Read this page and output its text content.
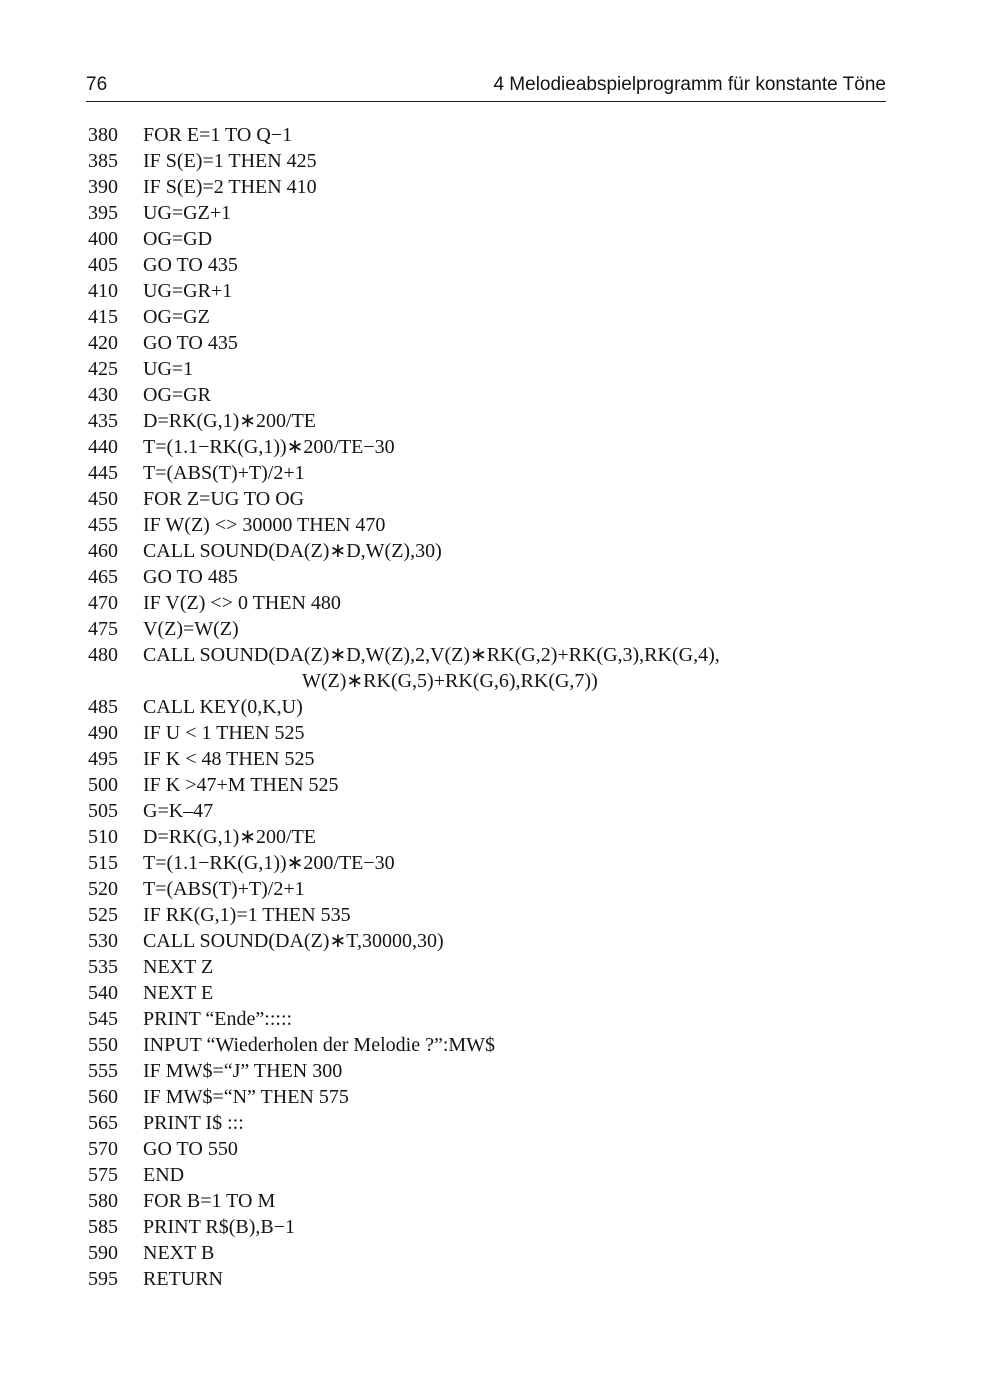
76	4 Melodieabspielprogramm für konstante Töne
380	FOR E=1 TO Q−1
385	IF S(E)=1 THEN 425
390	IF S(E)=2 THEN 410
395	UG=GZ+1
400	OG=GD
405	GO TO 435
410	UG=GR+1
415	OG=GZ
420	GO TO 435
425	UG=1
430	OG=GR
435	D=RK(G,1)∗200/TE
440	T=(1.1−RK(G,1))∗200/TE−30
445	T=(ABS(T)+T)/2+1
450	FOR Z=UG TO OG
455	IF W(Z) <> 30000 THEN 470
460	CALL SOUND(DA(Z)∗D,W(Z),30)
465	GO TO 485
470	IF V(Z) <> 0 THEN 480
475	V(Z)=W(Z)
480	CALL SOUND(DA(Z)∗D,W(Z),2,V(Z)∗RK(G,2)+RK(G,3),RK(G,4),
W(Z)∗RK(G,5)+RK(G,6),RK(G,7))
485	CALL KEY(0,K,U)
490	IF U < 1 THEN 525
495	IF K < 48 THEN 525
500	IF K >47+M THEN 525
505	G=K–47
510	D=RK(G,1)∗200/TE
515	T=(1.1−RK(G,1))∗200/TE−30
520	T=(ABS(T)+T)/2+1
525	IF RK(G,1)=1 THEN 535
530	CALL SOUND(DA(Z)∗T,30000,30)
535	NEXT Z
540	NEXT E
545	PRINT “Ende”:::::
550	INPUT “Wiederholen der Melodie ?”:MW$
555	IF MW$=“J” THEN 300
560	IF MW$=“N” THEN 575
565	PRINT I$ :::
570	GO TO 550
575	END
580	FOR B=1 TO M
585	PRINT R$(B),B−1
590	NEXT B
595	RETURN
